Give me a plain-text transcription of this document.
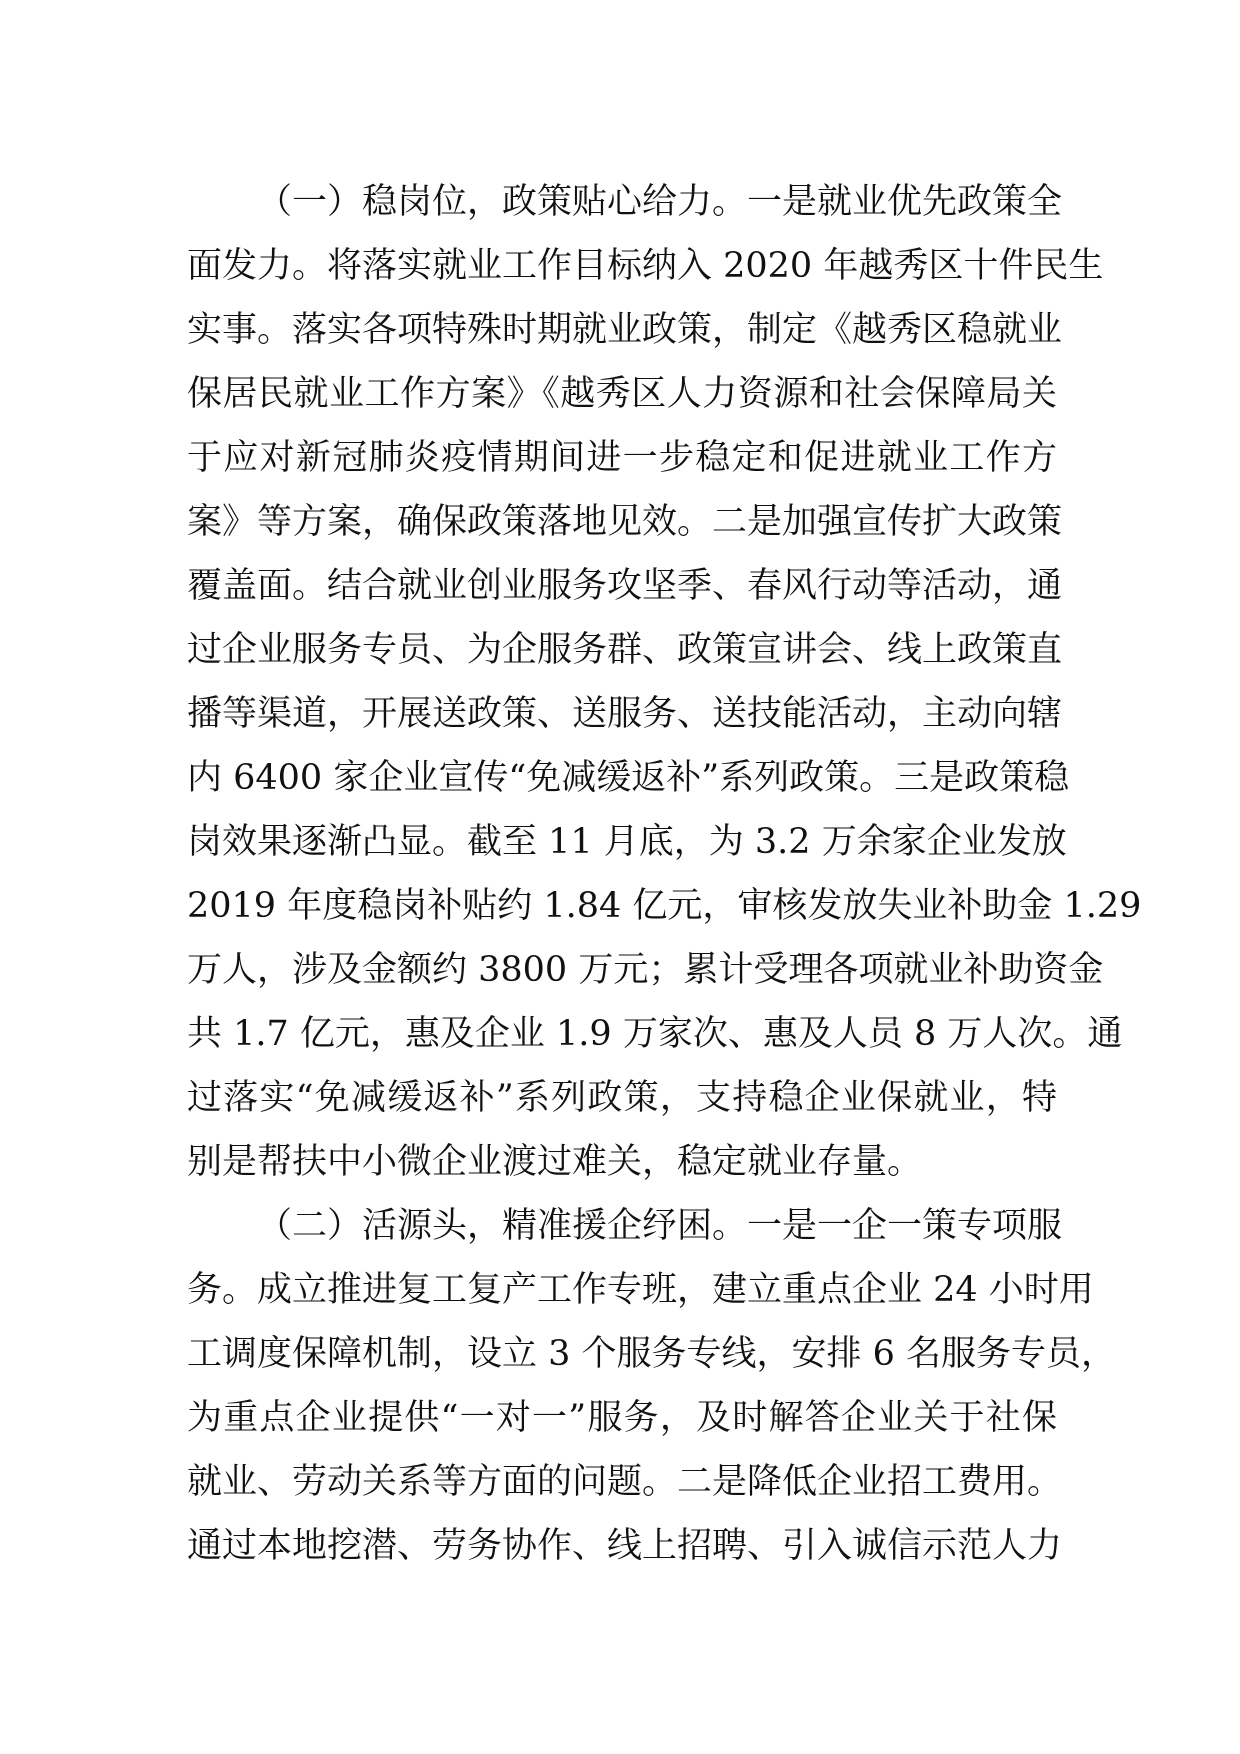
（一）稳岗位，政策贴心给力。一是就业优先政策全
面发力。将落实就业工作目标纳入 2020 年越秀区十件民生
实事。落实各项特殊时期就业政策，制定《越秀区稳就业
保居民就业工作方案》《越秀区人力资源和社会保障局关
于应对新冠肺炎疫情期间进一步稳定和促进就业工作方
案》等方案，确保政策落地见效。二是加强宣传扩大政策
覆盖面。结合就业创业服务攻坚季、春风行动等活动，通
过企业服务专员、为企服务群、政策宣讲会、线上政策直
播等渠道，开展送政策、送服务、送技能活动，主动向辖
内 6400 家企业宣传“免减缓返补”系列政策。三是政策稳
岗效果逐渐凸显。截至 11 月底，为 3.2 万余家企业发放
2019 年度稳岗补贴约 1.84 亿元，审核发放失业补助金 1.29
万人，涉及金额约 3800 万元；累计受理各项就业补助资金
共 1.7 亿元，惠及企业 1.9 万家次、惠及人员 8 万人次。通
过落实“免减缓返补”系列政策，支持稳企业保就业，特
别是帮扶中小微企业渡过难关，稳定就业存量。
（二）活源头，精准援企纾困。一是一企一策专项服
务。成立推进复工复产工作专班，建立重点企业 24 小时用
工调度保障机制，设立 3 个服务专线，安排 6 名服务专员，
为重点企业提供“一对一”服务，及时解答企业关于社保
就业、劳动关系等方面的问题。二是降低企业招工费用。
通过本地挖潜、劳务协作、线上招聘、引入诚信示范人力
